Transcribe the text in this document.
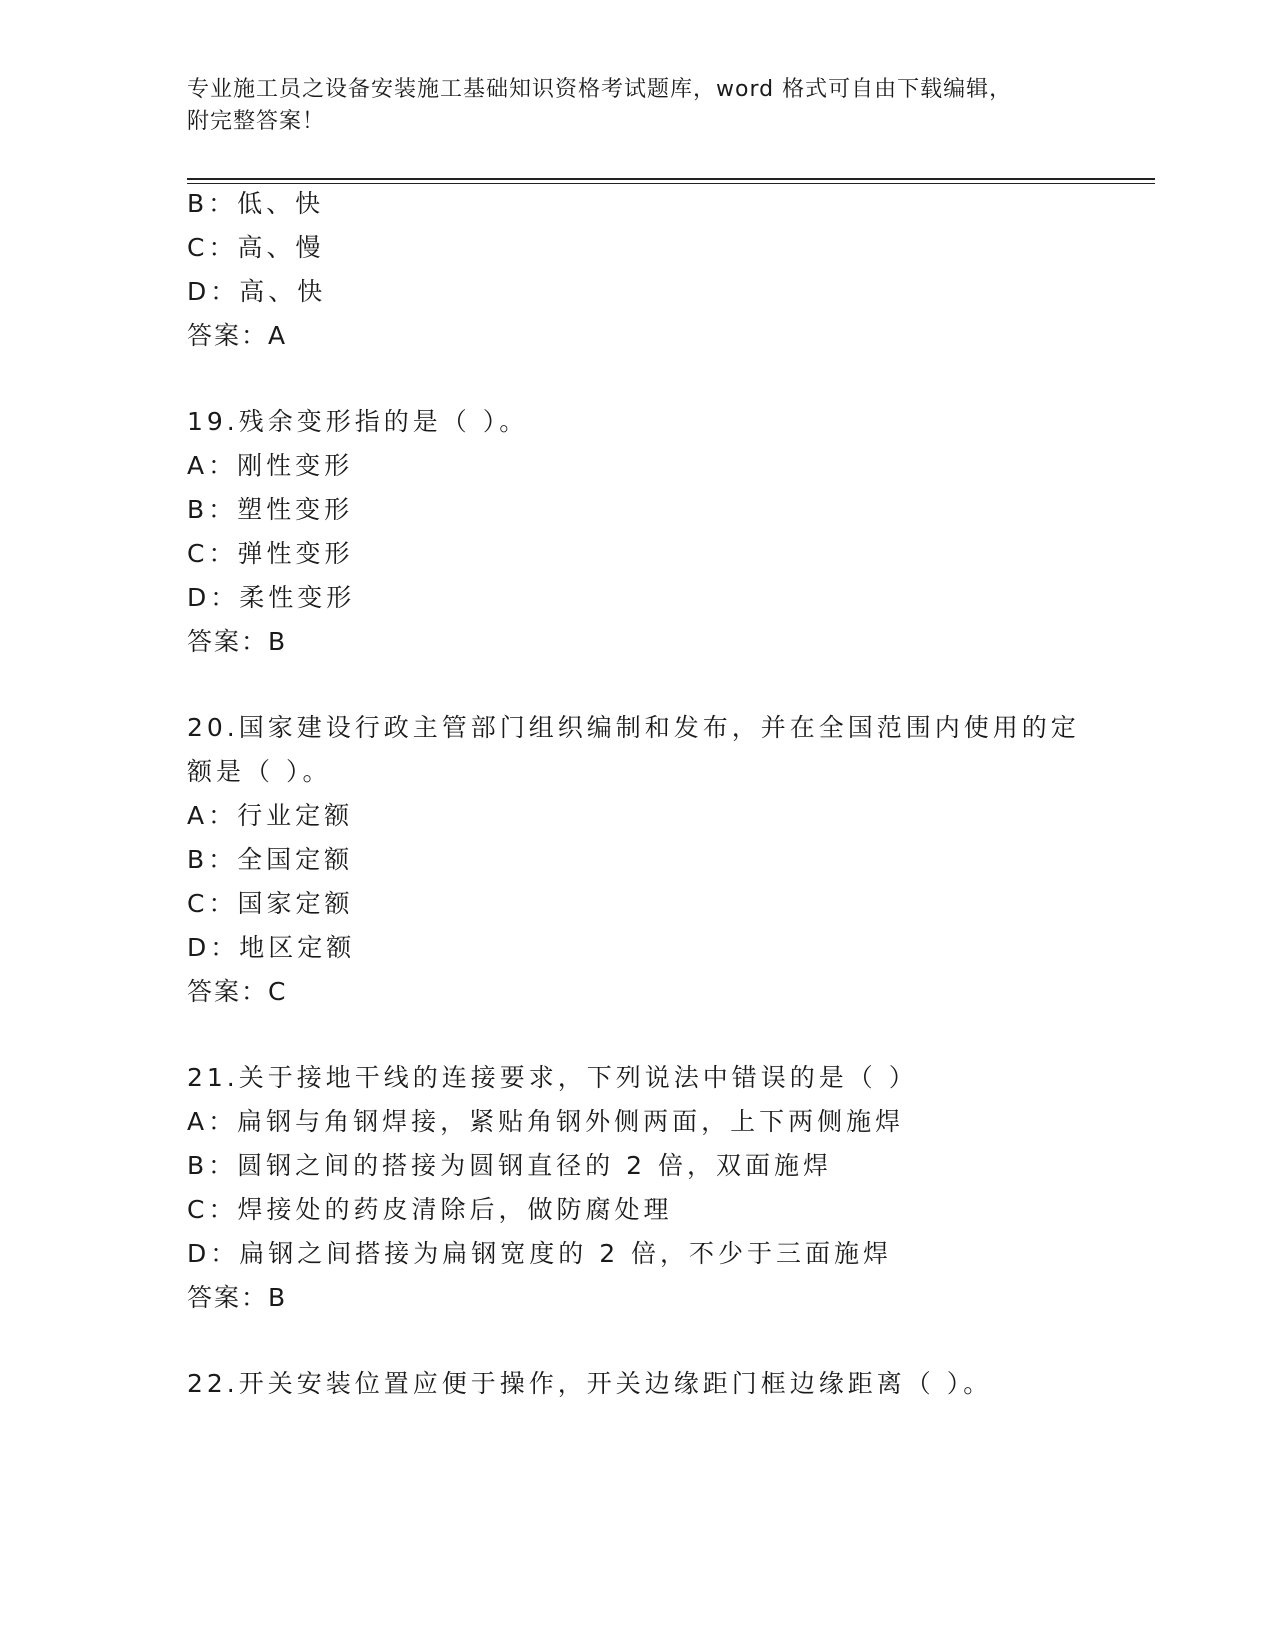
专业施工员之设备安装施工基础知识资格考试题库，word 格式可自由下载编辑，
附完整答案！
B：低、快
C：高、慢
D：高、快
答案：A
19.残余变形指的是（ ）。
A：刚性变形
B：塑性变形
C：弹性变形
D：柔性变形
答案：B
20.国家建设行政主管部门组织编制和发布，并在全国范围内使用的定
额是（ ）。
A：行业定额
B：全国定额
C：国家定额
D：地区定额
答案：C
21.关于接地干线的连接要求，下列说法中错误的是（ ）
A：扁钢与角钢焊接，紧贴角钢外侧两面，上下两侧施焊
B：圆钢之间的搭接为圆钢直径的 2 倍，双面施焊
C：焊接处的药皮清除后，做防腐处理
D：扁钢之间搭接为扁钢宽度的 2 倍，不少于三面施焊
答案：B
22.开关安装位置应便于操作，开关边缘距门框边缘距离（ ）。
